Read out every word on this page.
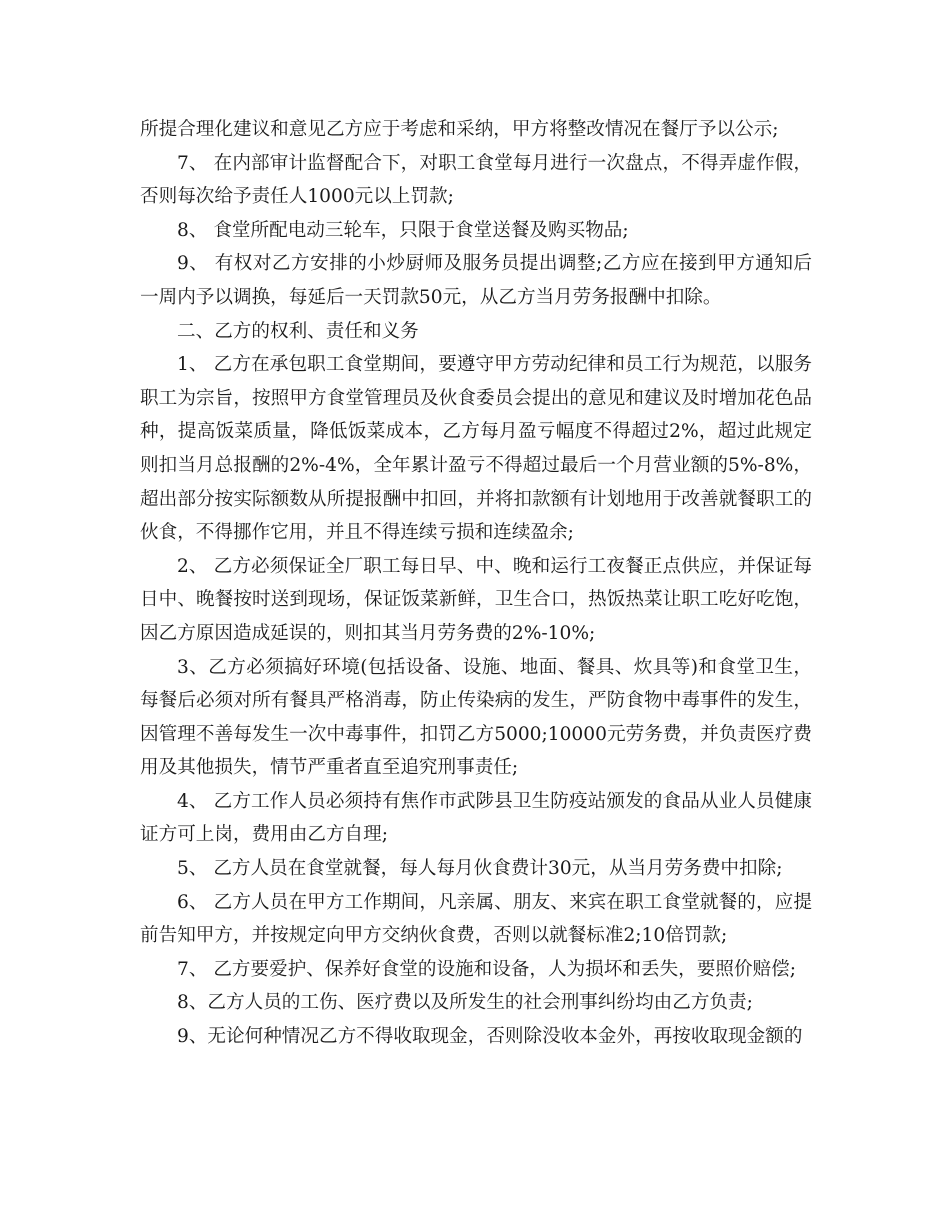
所提合理化建议和意见乙方应于考虑和采纳，甲方将整改情况在餐厅予以公示;

7、 在内部审计监督配合下，对职工食堂每月进行一次盘点，不得弄虚作假，否则每次给予责任人1000元以上罚款;

8、 食堂所配电动三轮车，只限于食堂送餐及购买物品;

9、 有权对乙方安排的小炒厨师及服务员提出调整;乙方应在接到甲方通知后一周内予以调换，每延后一天罚款50元，从乙方当月劳务报酬中扣除。

二、乙方的权利、责任和义务

1、 乙方在承包职工食堂期间，要遵守甲方劳动纪律和员工行为规范，以服务职工为宗旨，按照甲方食堂管理员及伙食委员会提出的意见和建议及时增加花色品种，提高饭菜质量，降低饭菜成本，乙方每月盈亏幅度不得超过2%，超过此规定则扣当月总报酬的2%-4%，全年累计盈亏不得超过最后一个月营业额的5%-8%，超出部分按实际额数从所提报酬中扣回，并将扣款额有计划地用于改善就餐职工的伙食，不得挪作它用，并且不得连续亏损和连续盈余;

2、 乙方必须保证全厂职工每日早、中、晚和运行工夜餐正点供应，并保证每日中、晚餐按时送到现场，保证饭菜新鲜，卫生合口，热饭热菜让职工吃好吃饱，因乙方原因造成延误的，则扣其当月劳务费的2%-10%;

3、乙方必须搞好环境(包括设备、设施、地面、餐具、炊具等)和食堂卫生，每餐后必须对所有餐具严格消毒，防止传染病的发生，严防食物中毒事件的发生，因管理不善每发生一次中毒事件，扣罚乙方5000;10000元劳务费，并负责医疗费用及其他损失，情节严重者直至追究刑事责任;

4、 乙方工作人员必须持有焦作市武陟县卫生防疫站颁发的食品从业人员健康证方可上岗，费用由乙方自理;

5、 乙方人员在食堂就餐，每人每月伙食费计30元，从当月劳务费中扣除;

6、 乙方人员在甲方工作期间，凡亲属、朋友、来宾在职工食堂就餐的，应提前告知甲方，并按规定向甲方交纳伙食费，否则以就餐标准2;10倍罚款;

7、 乙方要爱护、保养好食堂的设施和设备，人为损坏和丢失，要照价赔偿;

8、乙方人员的工伤、医疗费以及所发生的社会刑事纠纷均由乙方负责;

9、无论何种情况乙方不得收取现金，否则除没收本金外，再按收取现金额的
